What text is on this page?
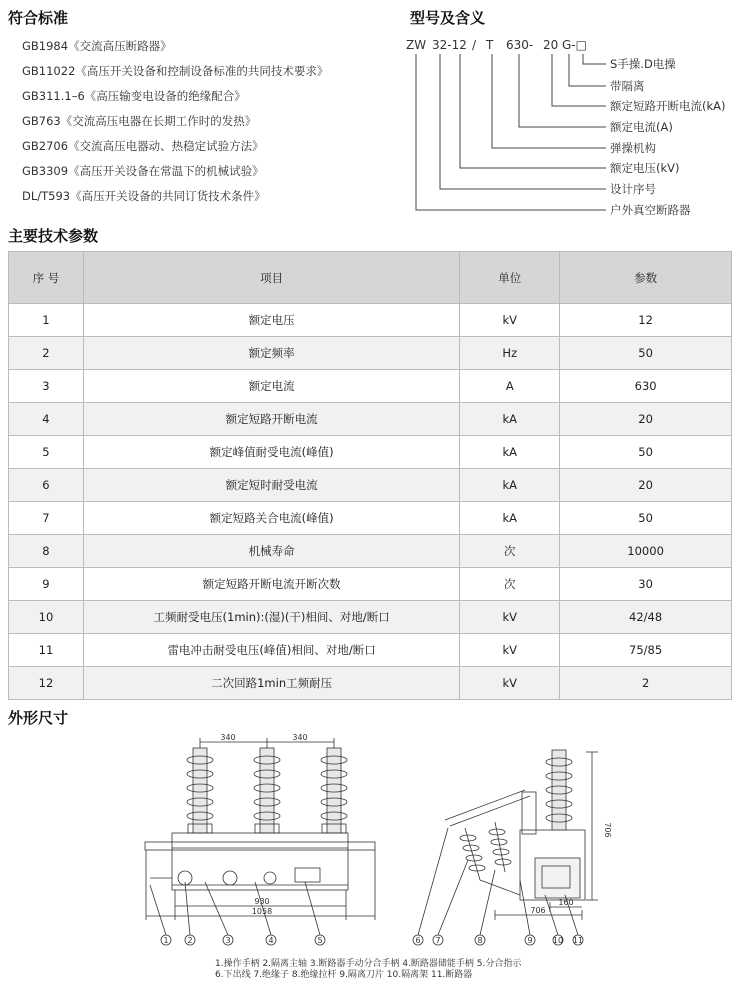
符合标准
GB1984《交流高压断路器》
GB11022《高压开关设备和控制设备标准的共同技术要求》
GB311.1–6《高压输变电设备的绝缘配合》
GB763《交流高压电器在长期工作时的发热》
GB2706《交流高压电器动、热稳定试验方法》
GB3309《高压开关设备在常温下的机械试验》
DL/T593《高压开关设备的共同订货技术条件》
型号及含义
ZW 32-12 / T 630- 20 G-□
S手操.D电操
带隔离
额定短路开断电流(kA)
额定电流(A)
弹操机构
额定电压(kV)
设计序号
户外真空断路器
主要技术参数
序 号	项目	单位	参数
1	额定电压	kV	12
2	额定频率	Hz	50
3	额定电流	A	630
4	额定短路开断电流	kA	20
5	额定峰值耐受电流(峰值)	kA	50
6	额定短时耐受电流	kA	20
7	额定短路关合电流(峰值)	kA	50
8	机械寿命	次	10000
9	额定短路开断电流开断次数	次	30
10	工频耐受电压(1min):(湿)(干)相间、对地/断口	kV	42/48
11	雷电冲击耐受电压(峰值)相间、对地/断口	kV	75/85
12	二次回路1min工频耐压	kV	2
外形尺寸
340	340
930
1058
706
706
160
1 2	3	4	5	6 7	8	9	10 11
1.操作手柄 2.隔离主轴 3.断路器手动分合手柄 4.断路器储能手柄 5.分合指示
6.下出线 7.绝缘子 8.绝缘拉杆 9.隔离刀片 10.隔离架 11.断路器
